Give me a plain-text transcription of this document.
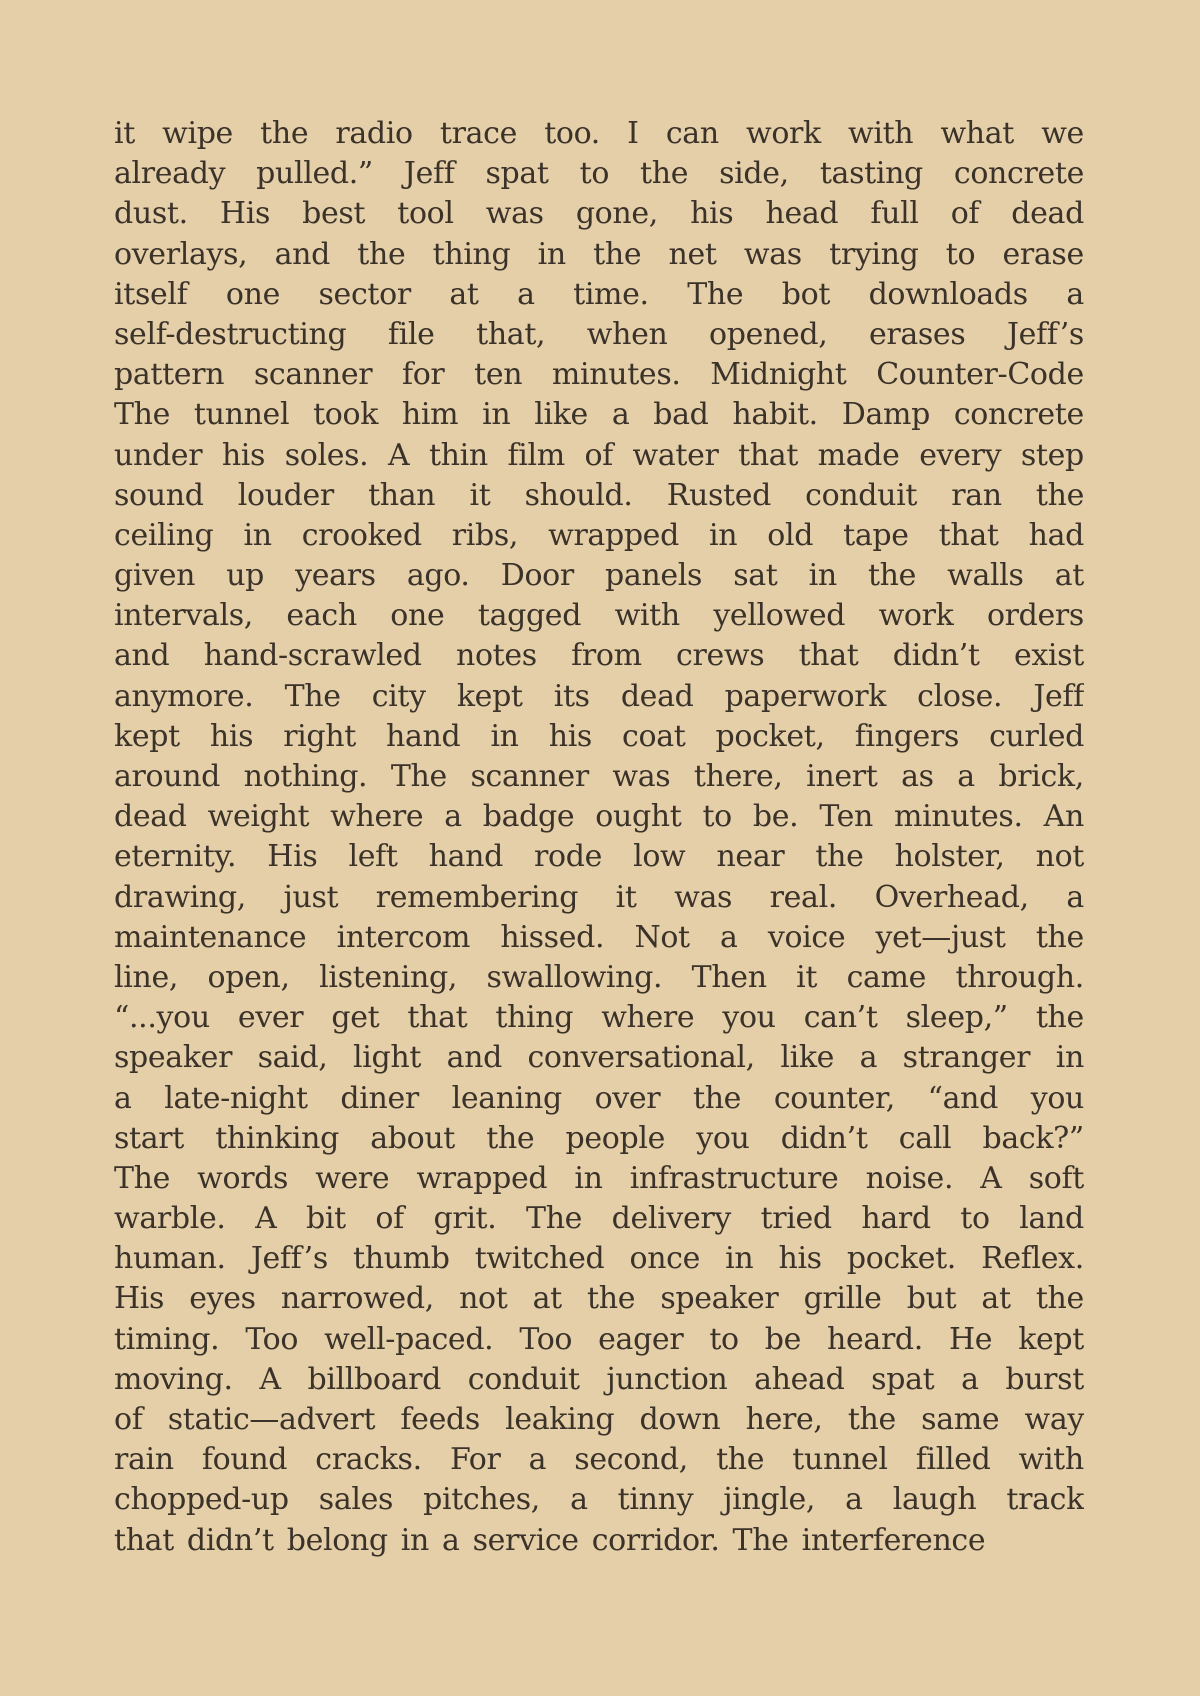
it wipe the radio trace too. I can work with what we
already pulled.” Jeff spat to the side, tasting concrete
dust. His best tool was gone, his head full of dead
overlays, and the thing in the net was trying to erase
itself one sector at a time. The bot downloads a
self-destructing file that, when opened, erases Jeff’s
pattern scanner for ten minutes. Midnight Counter-Code
The tunnel took him in like a bad habit. Damp concrete
under his soles. A thin film of water that made every step
sound louder than it should. Rusted conduit ran the
ceiling in crooked ribs, wrapped in old tape that had
given up years ago. Door panels sat in the walls at
intervals, each one tagged with yellowed work orders
and hand-scrawled notes from crews that didn’t exist
anymore. The city kept its dead paperwork close. Jeff
kept his right hand in his coat pocket, fingers curled
around nothing. The scanner was there, inert as a brick,
dead weight where a badge ought to be. Ten minutes. An
eternity. His left hand rode low near the holster, not
drawing, just remembering it was real. Overhead, a
maintenance intercom hissed. Not a voice yet—just the
line, open, listening, swallowing. Then it came through.
“...you ever get that thing where you can’t sleep,” the
speaker said, light and conversational, like a stranger in
a late-night diner leaning over the counter, “and you
start thinking about the people you didn’t call back?”
The words were wrapped in infrastructure noise. A soft
warble. A bit of grit. The delivery tried hard to land
human. Jeff’s thumb twitched once in his pocket. Reflex.
His eyes narrowed, not at the speaker grille but at the
timing. Too well-paced. Too eager to be heard. He kept
moving. A billboard conduit junction ahead spat a burst
of static—advert feeds leaking down here, the same way
rain found cracks. For a second, the tunnel filled with
chopped-up sales pitches, a tinny jingle, a laugh track
that didn’t belong in a service corridor. The interference
